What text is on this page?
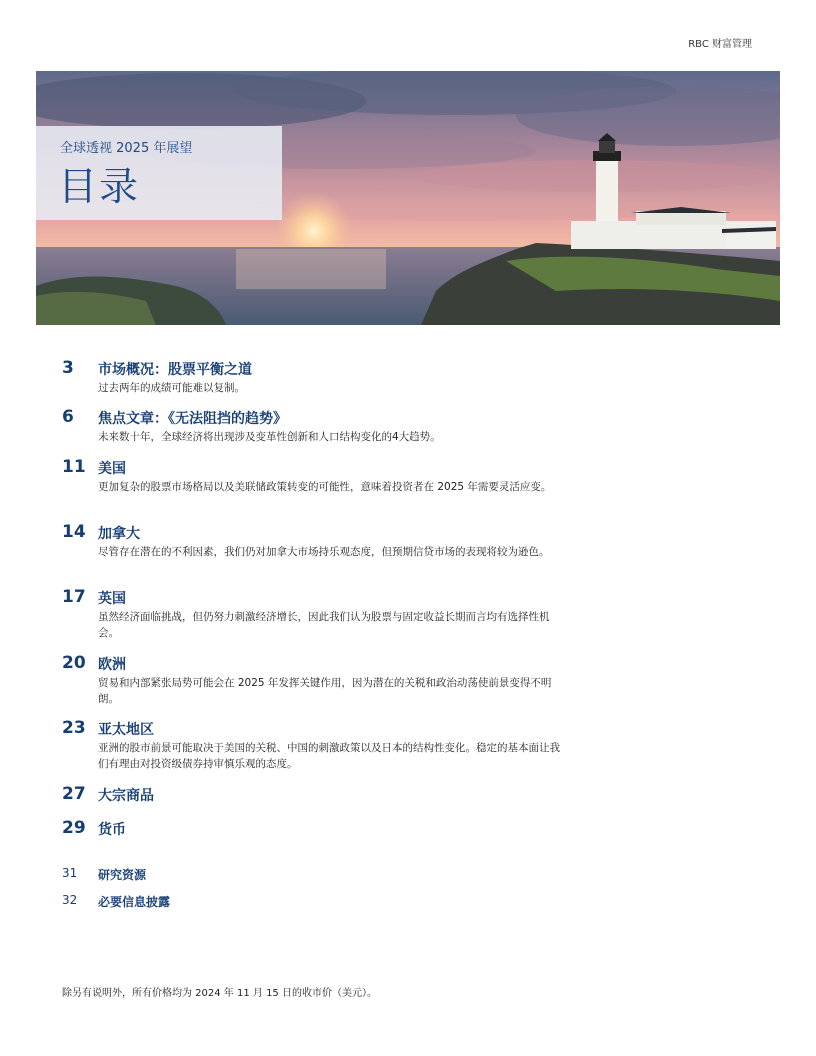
RBC 财富管理
全球透视 2025 年展望
目录
3 市场概况：股票平衡之道
过去两年的成绩可能难以复制。
6 焦点文章：《无法阻挡的趋势》
未来数十年，全球经济将出现涉及变革性创新和人口结构变化的4大趋势。
11 美国
更加复杂的股票市场格局以及美联储政策转变的可能性，意味着投资者在 2025 年需要灵活应变。
14 加拿大
尽管存在潜在的不利因素，我们仍对加拿大市场持乐观态度，但预期信贷市场的表现将较为逊色。
17 英国
虽然经济面临挑战，但仍努力刺激经济增长，因此我们认为股票与固定收益长期而言均有选择性机会。
20 欧洲
贸易和内部紧张局势可能会在 2025 年发挥关键作用，因为潜在的关税和政治动荡使前景变得不明朗。
23 亚太地区
亚洲的股市前景可能取决于美国的关税、中国的刺激政策以及日本的结构性变化。稳定的基本面让我们有理由对投资级债券持审慎乐观的态度。
27 大宗商品
29 货币
31 研究资源
32 必要信息披露
除另有说明外，所有价格均为 2024 年 11 月 15 日的收市价（美元）。
